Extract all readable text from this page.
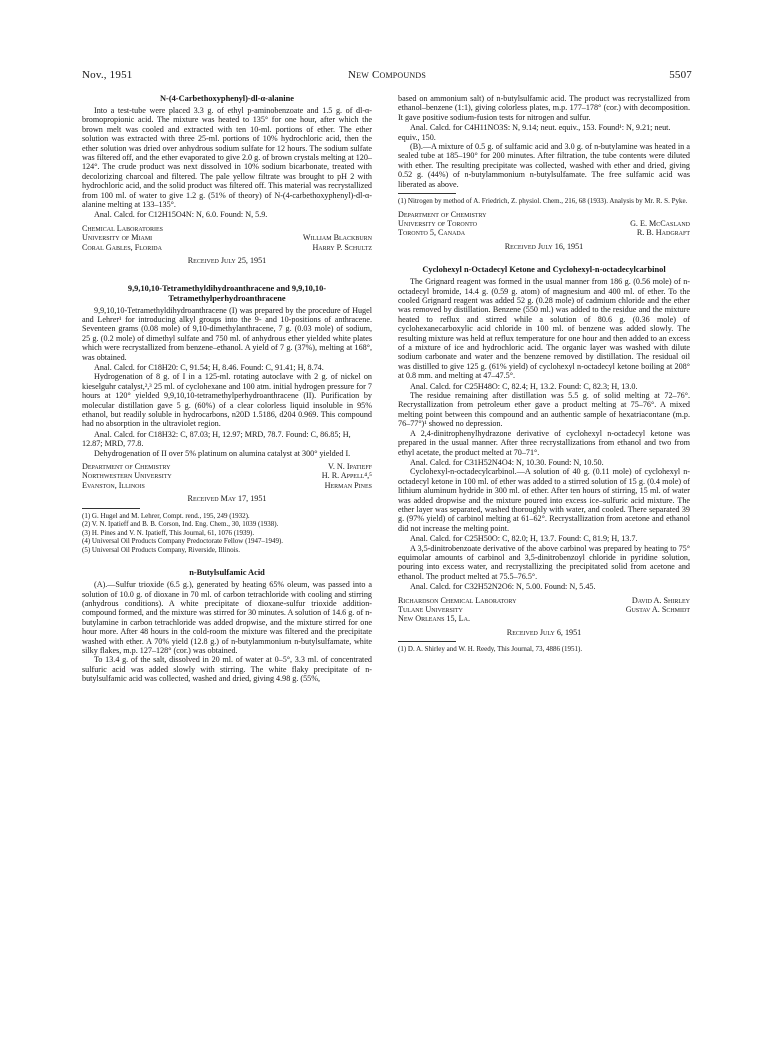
Nov., 1951	New Compounds	5507
N-(4-Carbethoxyphenyl)-dl-α-alanine

Into a test-tube were placed 3.3 g. of ethyl p-aminobenzoate and 1.5 g. of dl-α-bromopropionic acid. The mixture was heated to 135° for one hour, after which the brown melt was cooled and extracted with ten 10-ml. portions of ether. The ether solution was extracted with three 25-ml. portions of 10% hydrochloric acid, then the ether solution was dried over anhydrous sodium sulfate for 12 hours. The sodium sulfate was filtered off, and the ether evaporated to give 2.0 g. of brown crystals melting at 120–124°. The crude product was next dissolved in 10% sodium bicarbonate, treated with decolorizing charcoal and filtered. The pale yellow filtrate was brought to pH 2 with hydrochloric acid, and the solid product was filtered off. This material was recrystallized from 100 ml. of water to give 1.2 g. (51% of theory) of N-(4-carbethoxyphenyl)-dl-α-alanine melting at 133–135°.

Anal. Calcd. for C12H15O4N: N, 6.0. Found: N, 5.9.

Chemical Laboratories
University of Miami	William Blackburn
Coral Gables, Florida	Harry P. Schultz
Received July 25, 1951
9,9,10,10-Tetramethyldihydroanthracene and 9,9,10,10-Tetramethylperhydroanthracene

9,9,10,10-Tetramethyldihydroanthracene (I) was prepared by the procedure of Hugel and Lehrer¹ for introducing alkyl groups into the 9- and 10-positions of anthracene. Seventeen grams (0.08 mole) of 9,10-dimethylanthracene, 7 g. (0.03 mole) of sodium, 25 g. (0.2 mole) of dimethyl sulfate and 750 ml. of anhydrous ether yielded white plates which were recrystallized from benzene–ethanol. A yield of 7 g. (37%), melting at 168°, was obtained.

Anal. Calcd. for C18H20: C, 91.54; H, 8.46. Found: C, 91.41; H, 8.74.

Hydrogenation of 8 g. of I in a 125-ml. rotating autoclave with 2 g. of nickel on kieselguhr catalyst,²,³ 25 ml. of cyclohexane and 100 atm. initial hydrogen pressure for 7 hours at 120° yielded 9,9,10,10-tetramethylperhydroanthracene (II). Purification by molecular distillation gave 5 g. (60%) of a clear colorless liquid insoluble in 95% ethanol, but readily soluble in hydrocarbons, n20D 1.5186, d204 0.969. This compound had no absorption in the ultraviolet region.

Anal. Calcd. for C18H32: C, 87.03; H, 12.97; MRD, 78.7. Found: C, 86.85; H, 12.87; MRD, 77.8.

Dehydrogenation of II over 5% platinum on alumina catalyst at 300° yielded I.

Department of Chemistry	V. N. Ipatieff
Northwestern University	H. R. Appell⁴,⁵
Evanston, Illinois	Herman Pines
Received May 17, 1951

(1) G. Hugel and M. Lehrer, Compt. rend., 195, 249 (1932).

(2) V. N. Ipatieff and B. B. Corson, Ind. Eng. Chem., 30, 1039 (1938).

(3) H. Pines and V. N. Ipatieff, This Journal, 61, 1076 (1939).

(4) Universal Oil Products Company Predoctorate Fellow (1947–1949).

(5) Universal Oil Products Company, Riverside, Illinois.

n-Butylsulfamic Acid

(A).—Sulfur trioxide (6.5 g.), generated by heating 65% oleum, was passed into a solution of 10.0 g. of dioxane in 70 ml. of carbon tetrachloride with cooling and stirring (anhydrous conditions). A white precipitate of dioxane-sulfur trioxide addition-compound formed, and the mixture was stirred for 30 minutes. A solution of 14.6 g. of n-butylamine in carbon tetrachloride was added dropwise, and the mixture stirred for one hour more. After 48 hours in the cold-room the mixture was filtered and the precipitate washed with ether. A 70% yield (12.8 g.) of n-butylammonium n-butylsulfamate, white silky flakes, m.p. 127–128° (cor.) was obtained.

To 13.4 g. of the salt, dissolved in 20 ml. of water at 0–5°, 3.3 ml. of concentrated sulfuric acid was added slowly with stirring. The white flaky precipitate of n-butylsulfamic acid was collected, washed and dried, giving 4.98 g. (55%,

based on ammonium salt) of n-butylsulfamic acid. The product was recrystallized from ethanol–benzene (1:1), giving colorless plates, m.p. 177–178° (cor.) with decomposition. It gave positive sodium-fusion tests for nitrogen and sulfur.

Anal. Calcd. for C4H11NO3S: N, 9.14; neut. equiv., 153. Found¹: N, 9.21; neut. equiv., 150.

(B).—A mixture of 0.5 g. of sulfamic acid and 3.0 g. of n-butylamine was heated in a sealed tube at 185–190° for 200 minutes. After filtration, the tube contents were diluted with ether. The resulting precipitate was collected, washed with ether and dried, giving 0.52 g. (44%) of n-butylammonium n-butylsulfamate. The free sulfamic acid was liberated as above.

(1) Nitrogen by method of A. Friedrich, Z. physiol. Chem., 216, 68 (1933). Analysis by Mr. R. S. Pyke.

Department of Chemistry
University of Toronto	G. E. McCasland
Toronto 5, Canada	R. B. Hadgraft
Received July 16, 1951
Cyclohexyl n-Octadecyl Ketone and Cyclohexyl-n-octadecylcarbinol

The Grignard reagent was formed in the usual manner from 186 g. (0.56 mole) of n-octadecyl bromide, 14.4 g. (0.59 g. atom) of magnesium and 400 ml. of ether. To the cooled Grignard reagent was added 52 g. (0.28 mole) of cadmium chloride and the ether was removed by distillation. Benzene (550 ml.) was added to the residue and the mixture heated to reflux and stirred while a solution of 80.6 g. (0.36 mole) of cyclohexanecarboxylic acid chloride in 100 ml. of benzene was added slowly. The resulting mixture was held at reflux temperature for one hour and then added to an excess of a mixture of ice and hydrochloric acid. The organic layer was washed with dilute sodium carbonate and water and the benzene removed by distillation. The residual oil was distilled to give 125 g. (61% yield) of cyclohexyl n-octadecyl ketone boiling at 208° at 0.8 mm. and melting at 47–47.5°.

Anal. Calcd. for C25H48O: C, 82.4; H, 13.2. Found: C, 82.3; H, 13.0.

The residue remaining after distillation was 5.5 g. of solid melting at 72–76°. Recrystallization from petroleum ether gave a product melting at 75–76°. A mixed melting point between this compound and an authentic sample of hexatriacontane (m.p. 76–77°)¹ showed no depression.

A 2,4-dinitrophenylhydrazone derivative of cyclohexyl n-octadecyl ketone was prepared in the usual manner. After three recrystallizations from ethanol and two from ethyl acetate, the product melted at 70–71°.

Anal. Calcd. for C31H52N4O4: N, 10.30. Found: N, 10.50.

Cyclohexyl-n-octadecylcarbinol.—A solution of 40 g. (0.11 mole) of cyclohexyl n-octadecyl ketone in 100 ml. of ether was added to a stirred solution of 15 g. (0.4 mole) of lithium aluminum hydride in 300 ml. of ether. After ten hours of stirring, 15 ml. of water was added dropwise and the mixture poured into excess ice–sulfuric acid mixture. The ether layer was separated, washed thoroughly with water, and cooled. There separated 39 g. (97% yield) of carbinol melting at 61–62°. Recrystallization from acetone and ethanol did not increase the melting point.

Anal. Calcd. for C25H50O: C, 82.0; H, 13.7. Found: C, 81.9; H, 13.7.

A 3,5-dinitrobenzoate derivative of the above carbinol was prepared by heating to 75° equimolar amounts of carbinol and 3,5-dinitrobenzoyl chloride in pyridine solution, pouring into excess water, and recrystallizing the precipitated solid from acetone and ethanol. The product melted at 75.5–76.5°.

Anal. Calcd. for C32H52N2O6: N, 5.00. Found: N, 5.45.

Richardson Chemical Laboratory	David A. Shirley
Tulane University	Gustav A. Schmidt
New Orleans 15, La.
Received July 6, 1951

(1) D. A. Shirley and W. H. Reedy, This Journal, 73, 4886 (1951).
